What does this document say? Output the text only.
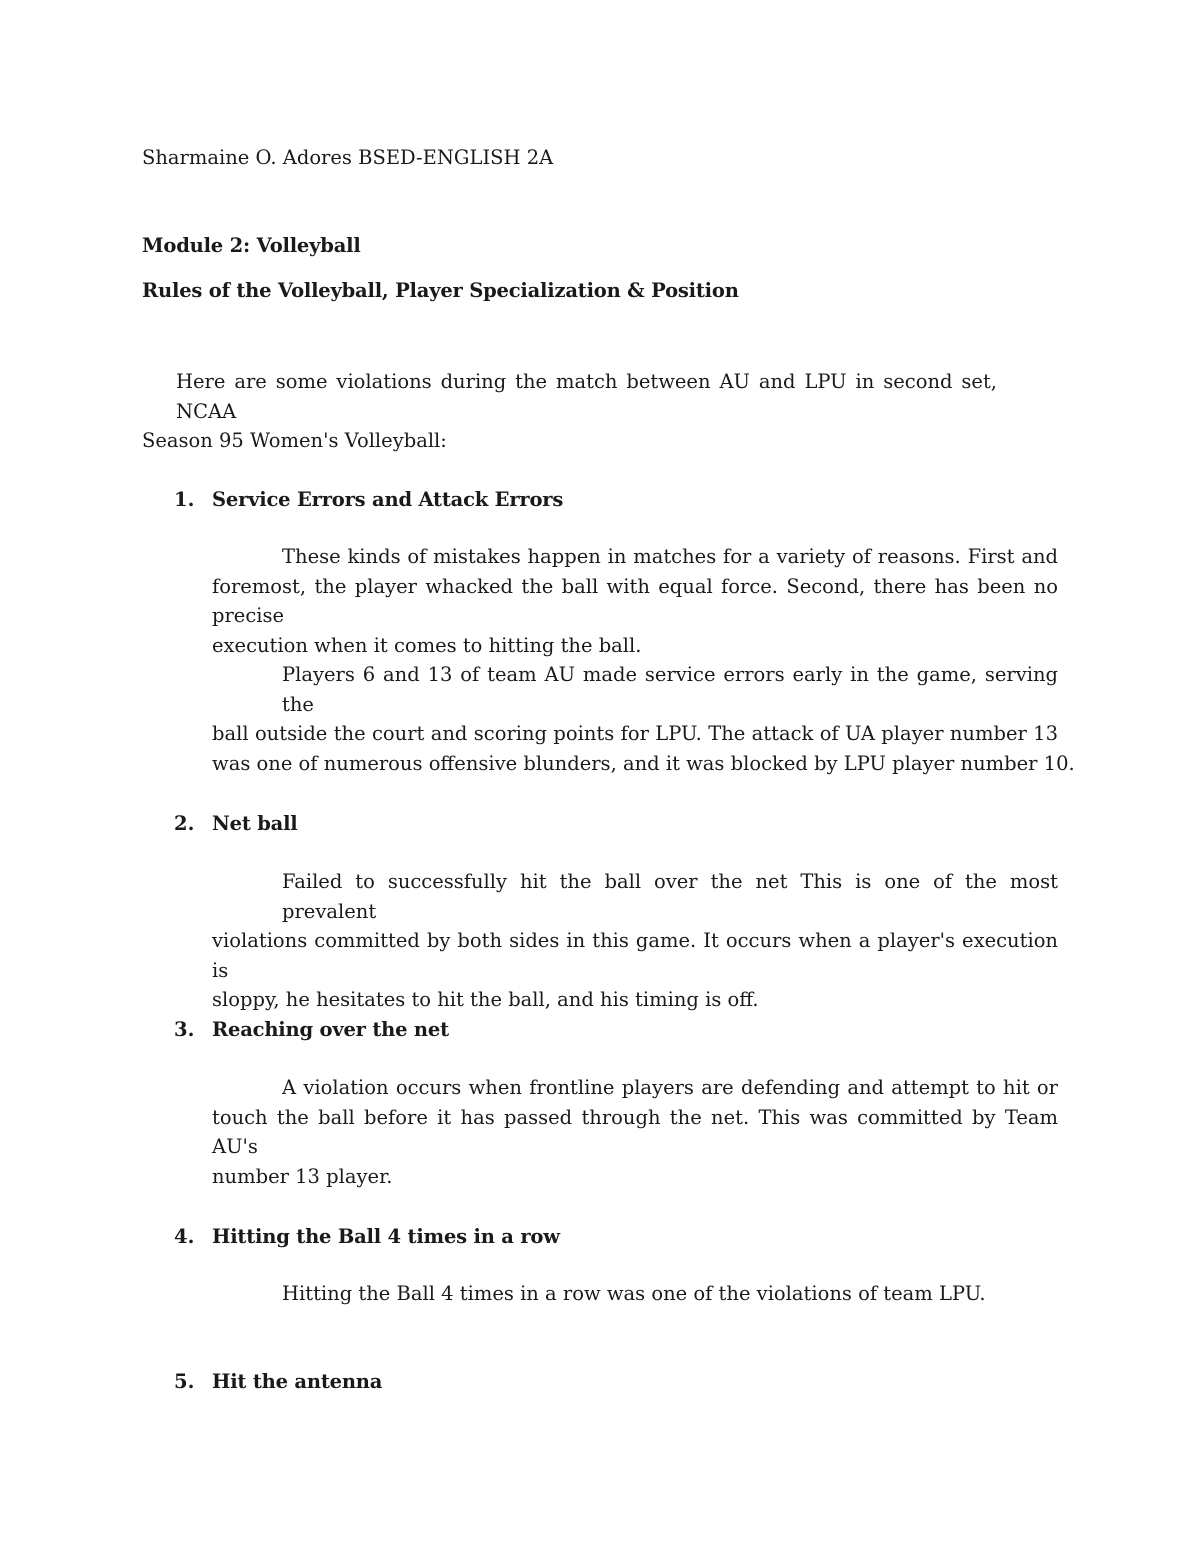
Sharmaine O. Adores BSED-ENGLISH 2A

Module 2: Volleyball

Rules of the Volleyball, Player Specialization & Position

Here are some violations during the match between AU and LPU in second set, NCAA
Season 95 Women's Volleyball:
1. Service Errors and Attack Errors

These kinds of mistakes happen in matches for a variety of reasons. First and
foremost, the player whacked the ball with equal force. Second, there has been no precise
execution when it comes to hitting the ball.
Players 6 and 13 of team AU made service errors early in the game, serving the
ball outside the court and scoring points for LPU. The attack of UA player number 13
was one of numerous offensive blunders, and it was blocked by LPU player number 10.
2. Net ball

Failed to successfully hit the ball over the net This is one of the most prevalent
violations committed by both sides in this game. It occurs when a player's execution is
sloppy, he hesitates to hit the ball, and his timing is off.
3. Reaching over the net

A violation occurs when frontline players are defending and attempt to hit or
touch the ball before it has passed through the net. This was committed by Team AU's
number 13 player.
4. Hitting the Ball 4 times in a row

Hitting the Ball 4 times in a row was one of the violations of team LPU.
5. Hit the antenna
